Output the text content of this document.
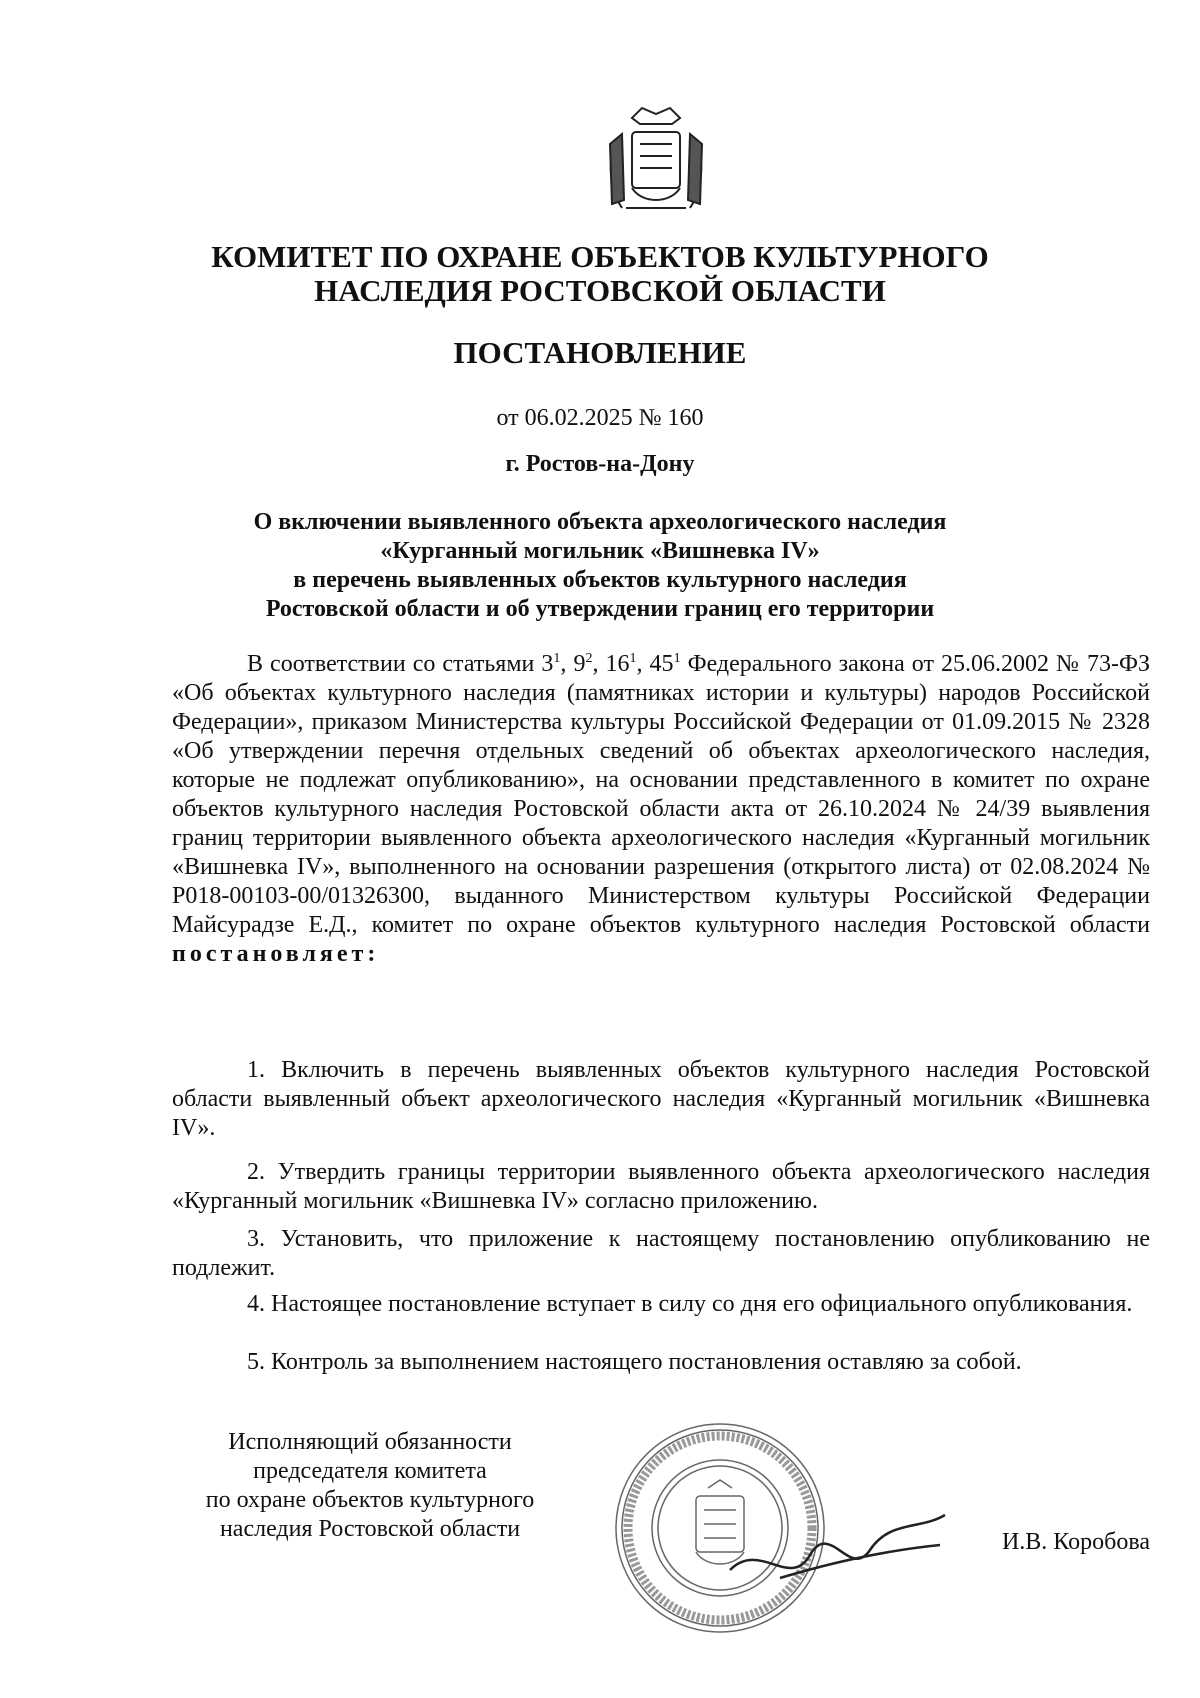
КОМИТЕТ ПО ОХРАНЕ ОБЪЕКТОВ КУЛЬТУРНОГО
НАСЛЕДИЯ РОСТОВСКОЙ ОБЛАСТИ
ПОСТАНОВЛЕНИЕ
от 06.02.2025 № 160
г. Ростов-на-Дону
О включении выявленного объекта археологического наследия
«Курганный могильник «Вишневка IV»
в перечень выявленных объектов культурного наследия
Ростовской области и об утверждении границ его территории

В соответствии со статьями $3^1$, $9^2$, $16^1$, $45^1$ Федерального закона от 25.06.2002 № 73-ФЗ «Об объектах культурного наследия (памятниках истории и культуры) народов Российской Федерации», приказом Министерства культуры Российской Федерации от 01.09.2015 № 2328 «Об утверждении перечня отдельных сведений об объектах археологического наследия, которые не подлежат опубликованию», на основании представленного в комитет по охране объектов культурного наследия Ростовской области акта от 26.10.2024 № 24/39 выявления границ территории выявленного объекта археологического наследия «Курганный могильник «Вишневка IV», выполненного на основании разрешения (открытого листа) от 02.08.2024 № Р018-00103-00/01326300, выданного Министерством культуры Российской Федерации Майсурадзе Е.Д., комитет по охране объектов культурного наследия Ростовской области постановляет:

1. Включить в перечень выявленных объектов культурного наследия Ростовской области выявленный объект археологического наследия «Курганный могильник «Вишневка IV».

2. Утвердить границы территории выявленного объекта археологического наследия «Курганный могильник «Вишневка IV» согласно приложению.

3. Установить, что приложение к настоящему постановлению опубликованию не подлежит.

4. Настоящее постановление вступает в силу со дня его официального опубликования.

5. Контроль за выполнением настоящего постановления оставляю за собой.

Исполняющий обязанности
председателя комитета
по охране объектов культурного
наследия Ростовской области	И.В. Коробова
